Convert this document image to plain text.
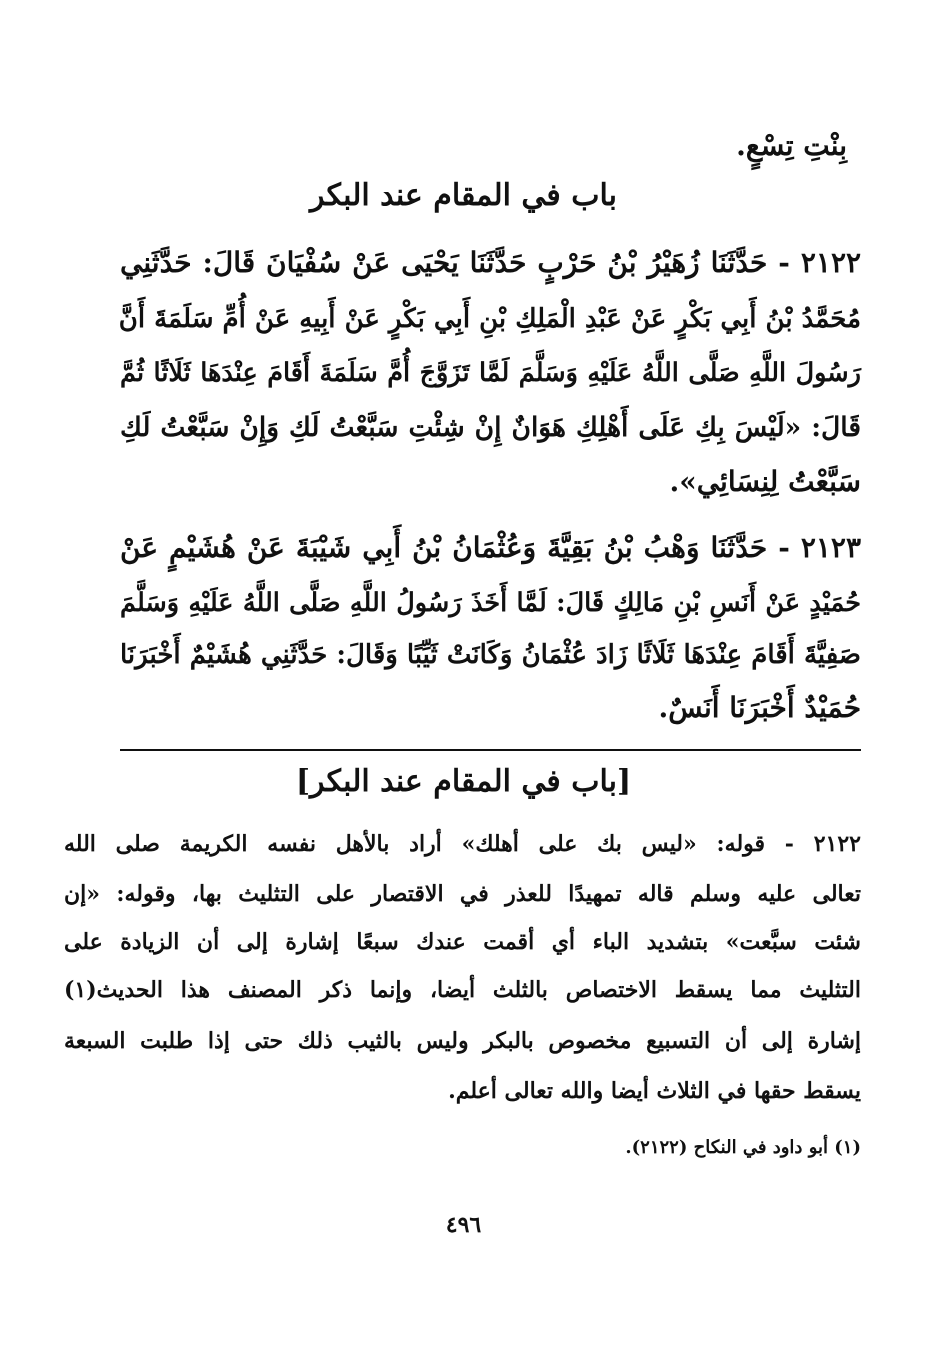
بِنْتِ تِسْعٍ.
باب في المقام عند البكر
٢١٢٢ - حَدَّثَنَا زُهَيْرُ بْنُ حَرْبٍ حَدَّثَنَا يَحْيَى عَنْ سُفْيَانَ قَالَ: حَدَّثَنِي
مُحَمَّدُ بْنُ أَبِي بَكْرٍ عَنْ عَبْدِ الْمَلِكِ بْنِ أَبِي بَكْرٍ عَنْ أَبِيهِ عَنْ أُمِّ سَلَمَةَ أَنَّ
رَسُولَ اللَّهِ صَلَّى اللَّهُ عَلَيْهِ وَسَلَّمَ لَمَّا تَزَوَّجَ أُمَّ سَلَمَةَ أَقَامَ عِنْدَهَا ثَلَاثًا ثُمَّ
قَالَ: «لَيْسَ بِكِ عَلَى أَهْلِكِ هَوَانٌ إِنْ شِئْتِ سَبَّعْتُ لَكِ وَإِنْ سَبَّعْتُ لَكِ
سَبَّعْتُ لِنِسَائِي».
٢١٢٣ - حَدَّثَنَا وَهْبُ بْنُ بَقِيَّةَ وَعُثْمَانُ بْنُ أَبِي شَيْبَةَ عَنْ هُشَيْمٍ عَنْ
حُمَيْدٍ عَنْ أَنَسِ بْنِ مَالِكٍ قَالَ: لَمَّا أَخَذَ رَسُولُ اللَّهِ صَلَّى اللَّهُ عَلَيْهِ وَسَلَّمَ
صَفِيَّةَ أَقَامَ عِنْدَهَا ثَلَاثًا زَادَ عُثْمَانُ وَكَانَتْ ثَيِّبًا وَقَالَ: حَدَّثَنِي هُشَيْمٌ أَخْبَرَنَا
حُمَيْدٌ أَخْبَرَنَا أَنَسٌ.
[باب في المقام عند البكر]
٢١٢٢ - قوله: «ليس بك على أهلك» أراد بالأهل نفسه الكريمة صلى الله
تعالى عليه وسلم قاله تمهيدًا للعذر في الاقتصار على التثليث بها، وقوله: «إن
شئت سبَّعت» بتشديد الباء أي أقمت عندك سبعًا إشارة إلى أن الزيادة على
التثليث مما يسقط الاختصاص بالثلث أيضا، وإنما ذكر المصنف هذا الحديث(١)
إشارة إلى أن التسبيع مخصوص بالبكر وليس بالثيب ذلك حتى إذا طلبت السبعة
يسقط حقها في الثلاث أيضا والله تعالى أعلم.
(١) أبو داود في النكاح (٢١٢٢).
٤٩٦
